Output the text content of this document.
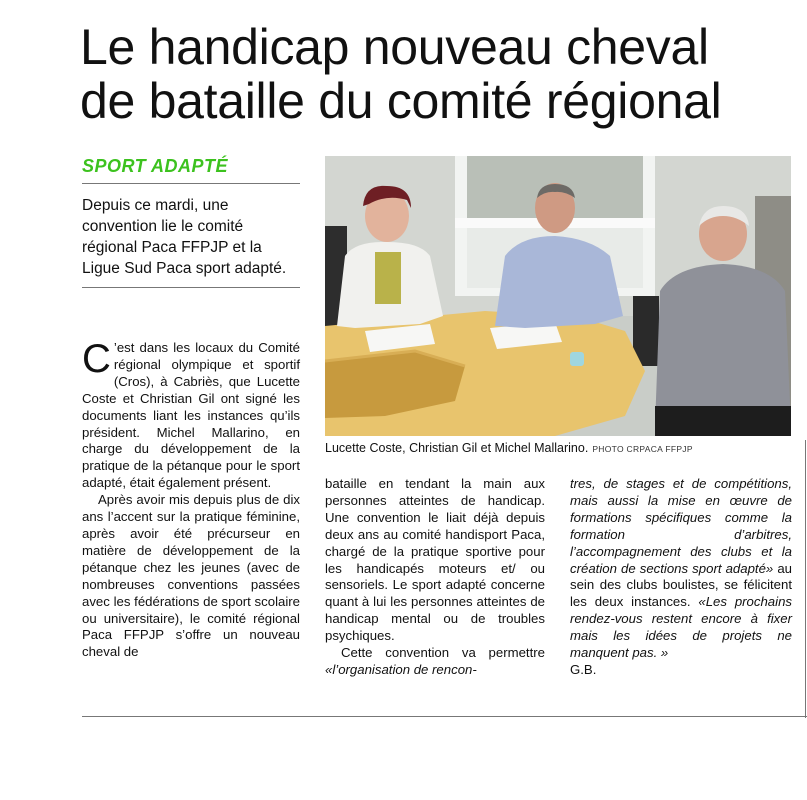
Le handicap nouveau cheval
de bataille du comité régional
SPORT ADAPTÉ
Depuis ce mardi, une convention lie le comité régional Paca FFPJP et la Ligue Sud Paca sport adapté.

C ’est dans les locaux du Comité régional olympique et sportif (Cros), à Cabriès, que Lucette Coste et Christian Gil ont signé les documents liant les instances qu’ils président. Michel Mallarino, en charge du développement de la pratique de la pétanque pour le sport adapté, était également présent.

Après avoir mis depuis plus de dix ans l’accent sur la pratique féminine, après avoir été précurseur en matière de développement de la pétanque chez les jeunes (avec de nombreuses conventions passées avec les fédérations de sport scolaire ou universitaire), le comité régional Paca FFPJP s’offre un nouveau cheval de

bataille en tendant la main aux personnes atteintes de handicap. Une convention le liait déjà depuis deux ans au comité handisport Paca, chargé de la pratique sportive pour les handicapés moteurs et/ ou sensoriels. Le sport adapté concerne quant à lui les personnes atteintes de handicap mental ou de troubles psychiques.

Cette convention va permettre «l’organisation de rencon-

tres, de stages et de compétitions, mais aussi la mise en œuvre de formations spécifiques comme la formation d’arbitres, l’accompagnement des clubs et la création de sections sport adapté» au sein des clubs boulistes, se félicitent les deux instances. «Les prochains rendez-vous restent encore à fixer mais les idées de projets ne manquent pas. »

G.B.

Lucette Coste, Christian Gil et Michel Mallarino. PHOTO CRPACA FFPJP
